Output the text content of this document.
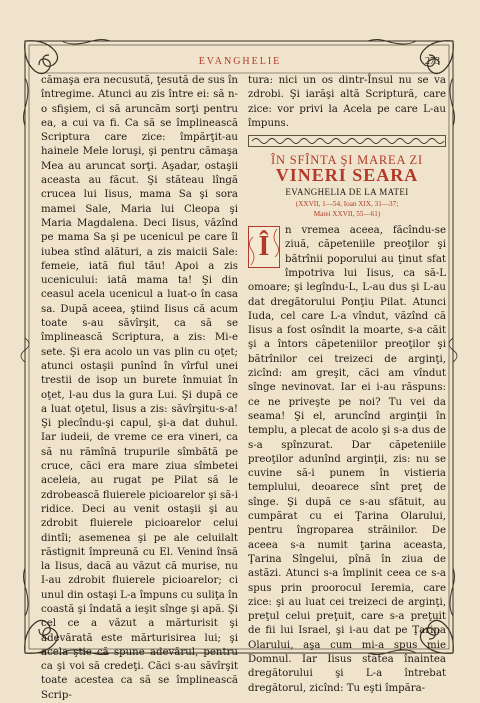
EVANGHELIE	273

cămaşa era necusută, ţesută de sus în întregime. Atunci au zis între ei: să n-o sfişiem, ci să aruncăm sorţi pentru ea, a cui va fi. Ca să se împlinească Scriptura care zice: împărţit-au hainele Mele loruşi, şi pentru cămaşa Mea au aruncat sorţi. Aşadar, ostaşii aceasta au făcut. Şi stăteau lîngă crucea lui Iisus, mama Sa şi sora mamei Sale, Maria lui Cleopa şi Maria Magdalena. Deci Iisus, văzînd pe mama Sa şi pe ucenicul pe care îl iubea stînd alături, a zis maicii Sale: femeie, iată fiul tău! Apoi a zis ucenicului: iată mama ta! Şi din ceasul acela ucenicul a luat-o în casa sa. După aceea, ştiind Iisus că acum toate s-au săvîrşit, ca să se împlinească Scriptura, a zis: Mi-e sete. Şi era acolo un vas plin cu oţet; atunci ostaşii punînd în vîrful unei trestii de isop un burete înmuiat în oţet, l-au dus la gura Lui. Şi după ce a luat oţetul, Iisus a zis: săvîrşitu-s-a! Şi plecîndu-şi capul, şi-a dat duhul. Iar iudeii, de vreme ce era vineri, ca să nu rămînă trupurile sîmbătă pe cruce, căci era mare ziua sîmbetei aceleia, au rugat pe Pilat să le zdrobească fluierele picioarelor şi să-i ridice. Deci au venit ostaşii şi au zdrobit fluierele picioarelor celui dintîi; asemenea şi pe ale celuilalt răstignit împreună cu El. Venind însă la Iisus, dacă au văzut că murise, nu I-au zdrobit fluierele picioarelor; ci unul din ostaşi L-a împuns cu suliţa în coastă şi îndată a ieşit sînge şi apă. Şi cel ce a văzut a mărturisit şi adevărată este mărturisirea lui; şi acela ştie că spune adevărul, pentru ca şi voi să credeţi. Căci s-au săvîrşit toate acestea ca să se împlinească Scrip-

tura: nici un os dintr-Însul nu se va zdrobi. Şi iarăşi altă Scriptură, care zice: vor privi la Acela pe care L-au împuns.

ÎN SFÎNTA ŞI MAREA ZI
VINERI SEARA
EVANGHELIA DE LA MATEI
(XXVII, 1—54, Ioan XIX, 31—37;
Matei XXVII, 55—61)
Î

n vremea aceea, făcîndu-se ziuă, căpeteniile preoţilor şi bătrînii poporului au ţinut sfat împotriva lui Iisus, ca să-L omoare; şi legîndu-L, L-au dus şi L-au dat dregătorului Ponţiu Pilat. Atunci Iuda, cel care L-a vîndut, văzînd că Iisus a fost osîndit la moarte, s-a căit şi a întors căpeteniilor preoţilor şi bătrînilor cei treizeci de arginţi, zicînd: am greşit, căci am vîndut sînge nevinovat. Iar ei i-au răspuns: ce ne priveşte pe noi? Tu vei da seama! Şi el, aruncînd arginţii în templu, a plecat de acolo şi s-a dus de s-a spînzurat. Dar căpeteniile preoţilor adunînd arginţii, zis: nu se cuvine să-i punem în vistieria templului, deoarece sînt preţ de sînge. Şi după ce s-au sfătuit, au cumpărat cu ei Ţarina Olarului, pentru îngroparea străinilor. De aceea s-a numit ţarina aceasta, Ţarina Sîngelui, pînă în ziua de astăzi. Atunci s-a împlinit ceea ce s-a spus prin proorocul Ieremia, care zice: şi au luat cei treizeci de arginţi, preţul celui preţuit, care s-a preţuit de fii lui Israel, şi i-au dat pe Ţarina Olarului, aşa cum mi-a spus mie Domnul. Iar Iisus stătea înaintea dregătorului şi L-a întrebat dregătorul, zicînd: Tu eşti împăra-
